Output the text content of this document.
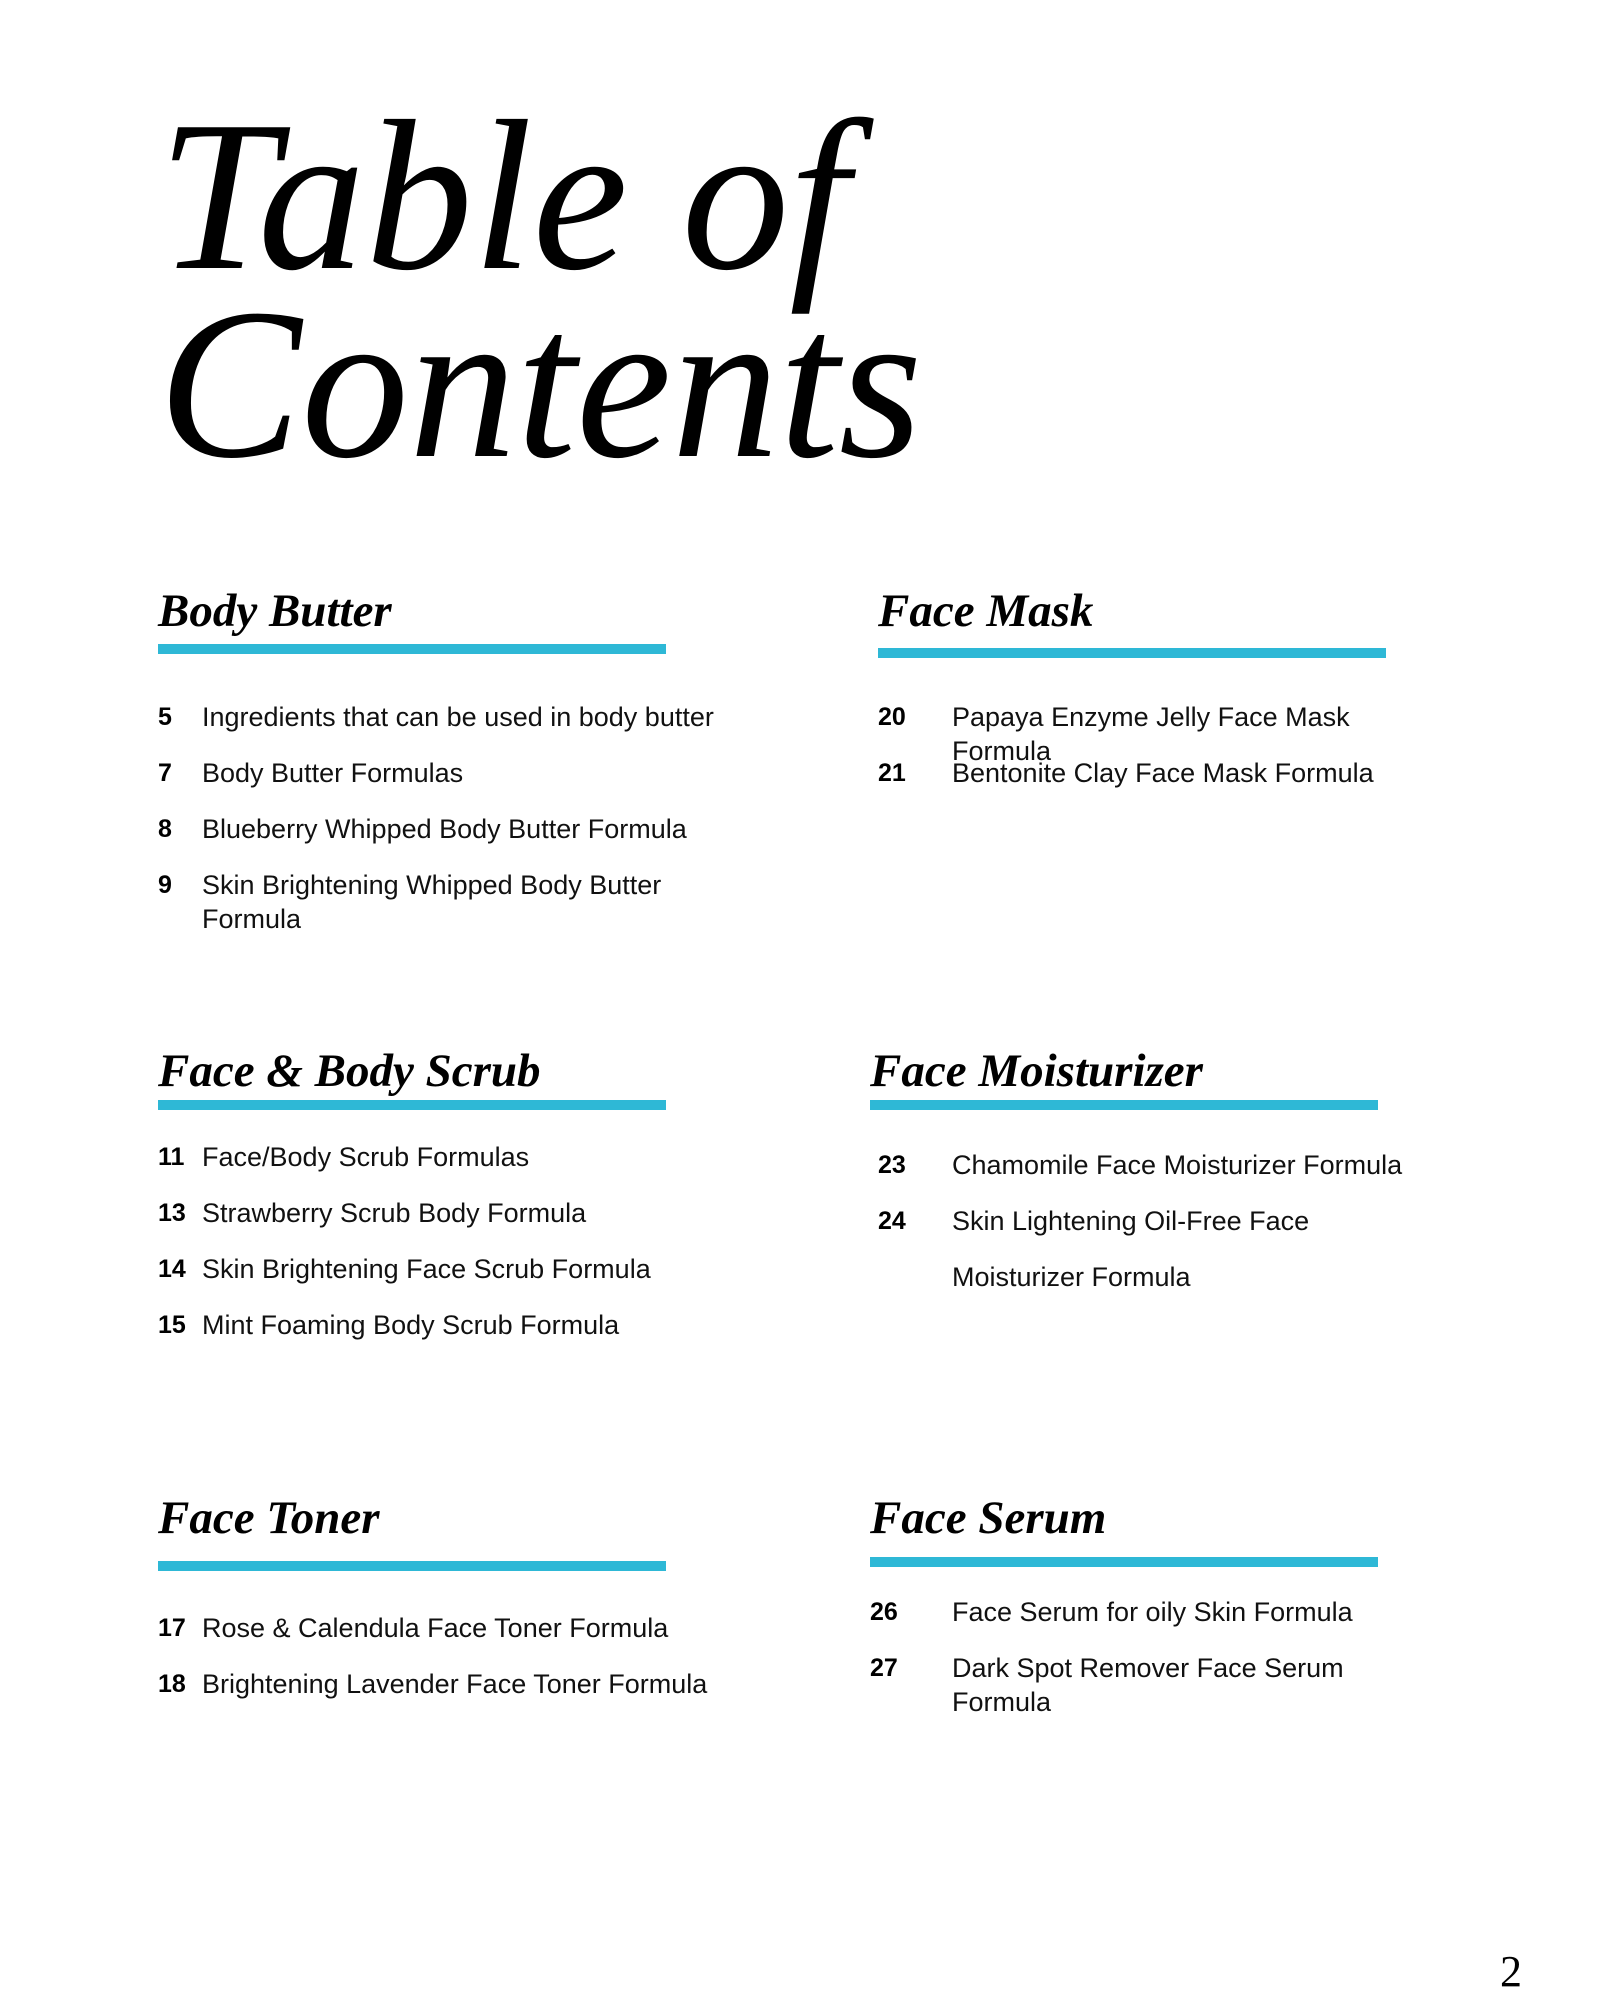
Table of
Contents
Body Butter
5	Ingredients that can be used in body butter
7	Body Butter Formulas
8	Blueberry Whipped Body Butter Formula
9	Skin Brightening Whipped Body Butter Formula
Face Mask
20	Papaya Enzyme Jelly Face Mask Formula
21	Bentonite Clay Face Mask Formula
Face & Body Scrub
11 Face/Body Scrub Formulas
13 Strawberry Scrub Body Formula
14 Skin Brightening Face Scrub Formula
15 Mint Foaming Body Scrub Formula
Face Moisturizer
23	Chamomile Face Moisturizer Formula
24	Skin Lightening Oil-Free Face Moisturizer Formula
Face Toner
17 Rose & Calendula Face Toner Formula
18 Brightening Lavender Face Toner Formula
Face Serum
26	Face Serum for oily Skin Formula
27	Dark Spot Remover Face Serum Formula
2
